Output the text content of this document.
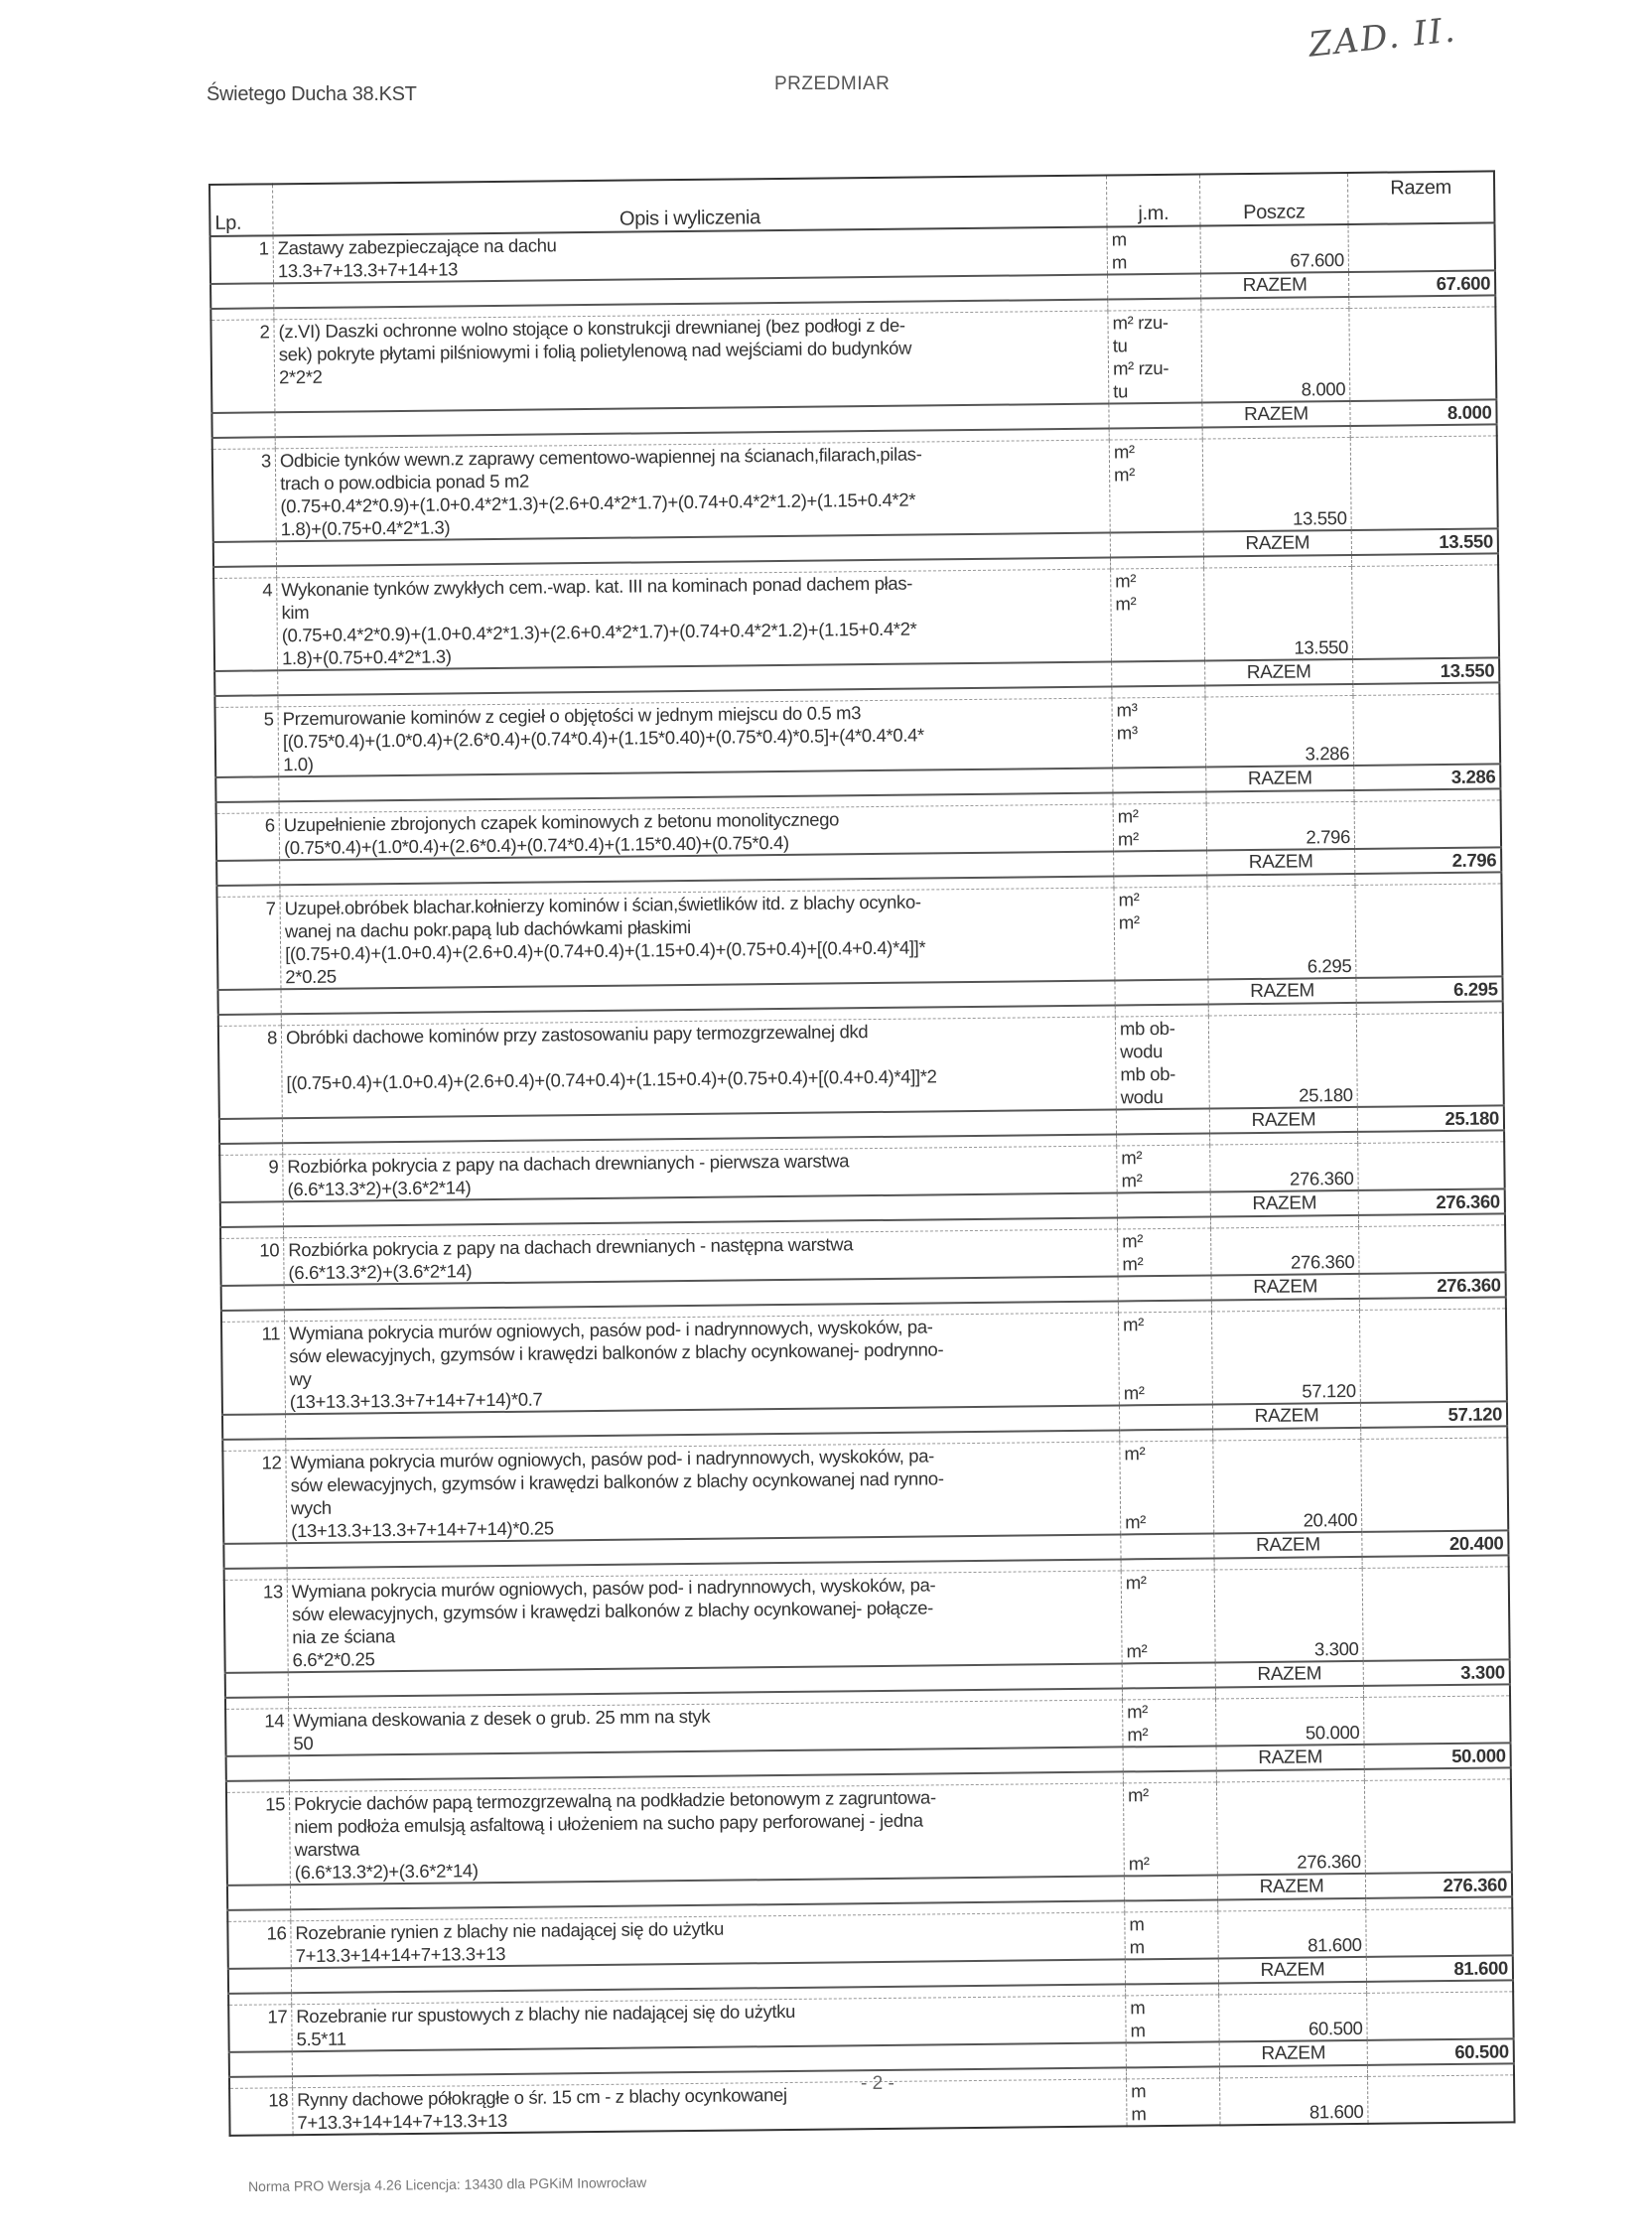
Świetego Ducha 38.KST	PRZEDMIAR
ZAD. II.
Lp.	Opis i wyliczenia	j.m.	Poszcz	Razem

1	Zastawy zabezpieczające na dachu
13.3+7+13.3+7+14+13	m
m	67.600	

			RAZEM	67.600

2	(z.VI) Daszki ochronne wolno stojące o konstrukcji drewnianej (bez podłogi z de-
sek) pokryte płytami pilśniowymi i folią polietylenową nad wejściami do budynków
2*2*2	m² rzu-
tu
m² rzu-
tu	8.000	

			RAZEM	8.000

3	Odbicie tynków wewn.z zaprawy cementowo-wapiennej na ścianach,filarach,pilas-
trach o pow.odbicia ponad 5 m2
(0.75+0.4*2*0.9)+(1.0+0.4*2*1.3)+(2.6+0.4*2*1.7)+(0.74+0.4*2*1.2)+(1.15+0.4*2*
1.8)+(0.75+0.4*2*1.3)	m²
m²	13.550	

			RAZEM	13.550

4	Wykonanie tynków zwykłych cem.-wap. kat. III na kominach ponad dachem płas-
kim
(0.75+0.4*2*0.9)+(1.0+0.4*2*1.3)+(2.6+0.4*2*1.7)+(0.74+0.4*2*1.2)+(1.15+0.4*2*
1.8)+(0.75+0.4*2*1.3)	m²
m²	13.550	

			RAZEM	13.550

5	Przemurowanie kominów z cegieł o objętości w jednym miejscu do 0.5 m3
[(0.75*0.4)+(1.0*0.4)+(2.6*0.4)+(0.74*0.4)+(1.15*0.40)+(0.75*0.4)*0.5]+(4*0.4*0.4*
1.0)	m³
m³	3.286	

			RAZEM	3.286

6	Uzupełnienie zbrojonych czapek kominowych z betonu monolitycznego
(0.75*0.4)+(1.0*0.4)+(2.6*0.4)+(0.74*0.4)+(1.15*0.40)+(0.75*0.4)	m²
m²	2.796	

			RAZEM	2.796

7	Uzupeł.obróbek blachar.kołnierzy kominów i ścian,świetlików itd. z blachy ocynko-
wanej na dachu pokr.papą lub dachówkami płaskimi
[(0.75+0.4)+(1.0+0.4)+(2.6+0.4)+(0.74+0.4)+(1.15+0.4)+(0.75+0.4)+[(0.4+0.4)*4]]*
2*0.25	m²
m²	6.295	

			RAZEM	6.295

8	Obróbki dachowe kominów przy zastosowaniu papy termozgrzewalnej dkd

[(0.75+0.4)+(1.0+0.4)+(2.6+0.4)+(0.74+0.4)+(1.15+0.4)+(0.75+0.4)+[(0.4+0.4)*4]]*2	mb ob-
wodu
mb ob-
wodu	25.180	

			RAZEM	25.180

9	Rozbiórka pokrycia z papy na dachach drewnianych - pierwsza warstwa
(6.6*13.3*2)+(3.6*2*14)	m²
m²	276.360	

			RAZEM	276.360

10	Rozbiórka pokrycia z papy na dachach drewnianych - następna warstwa
(6.6*13.3*2)+(3.6*2*14)	m²
m²	276.360	

			RAZEM	276.360

11	Wymiana pokrycia murów ogniowych, pasów pod- i nadrynnowych, wyskoków, pa-
sów elewacyjnych, gzymsów i krawędzi balkonów z blachy ocynkowanej- podrynno-
wy
(13+13.3+13.3+7+14+7+14)*0.7	m²

m²	57.120	

			RAZEM	57.120

12	Wymiana pokrycia murów ogniowych, pasów pod- i nadrynnowych, wyskoków, pa-
sów elewacyjnych, gzymsów i krawędzi balkonów z blachy ocynkowanej nad rynno-
wych
(13+13.3+13.3+7+14+7+14)*0.25	m²

m²	20.400	

			RAZEM	20.400

13	Wymiana pokrycia murów ogniowych, pasów pod- i nadrynnowych, wyskoków, pa-
sów elewacyjnych, gzymsów i krawędzi balkonów z blachy ocynkowanej- połącze-
nia ze ściana
6.6*2*0.25	m²

m²	3.300	

			RAZEM	3.300

14	Wymiana deskowania z desek o grub. 25 mm na styk
50	m²
m²	50.000	

			RAZEM	50.000

15	Pokrycie dachów papą termozgrzewalną na podkładzie betonowym z zagruntowa-
niem podłoża emulsją asfaltową i ułożeniem na sucho papy perforowanej - jedna
warstwa
(6.6*13.3*2)+(3.6*2*14)	m²

m²	276.360	

			RAZEM	276.360

16	Rozebranie rynien z blachy nie nadającej się do użytku
7+13.3+14+14+7+13.3+13	m
m	81.600	

			RAZEM	81.600

17	Rozebranie rur spustowych z blachy nie nadającej się do użytku
5.5*11	m
m	60.500	

			RAZEM	60.500

18	Rynny dachowe półokrągłe o śr. 15 cm - z blachy ocynkowanej
7+13.3+14+14+7+13.3+13	m
m	81.600	

- 2 -
Norma PRO Wersja 4.26 Licencja: 13430 dla PGKiM Inowrocław
